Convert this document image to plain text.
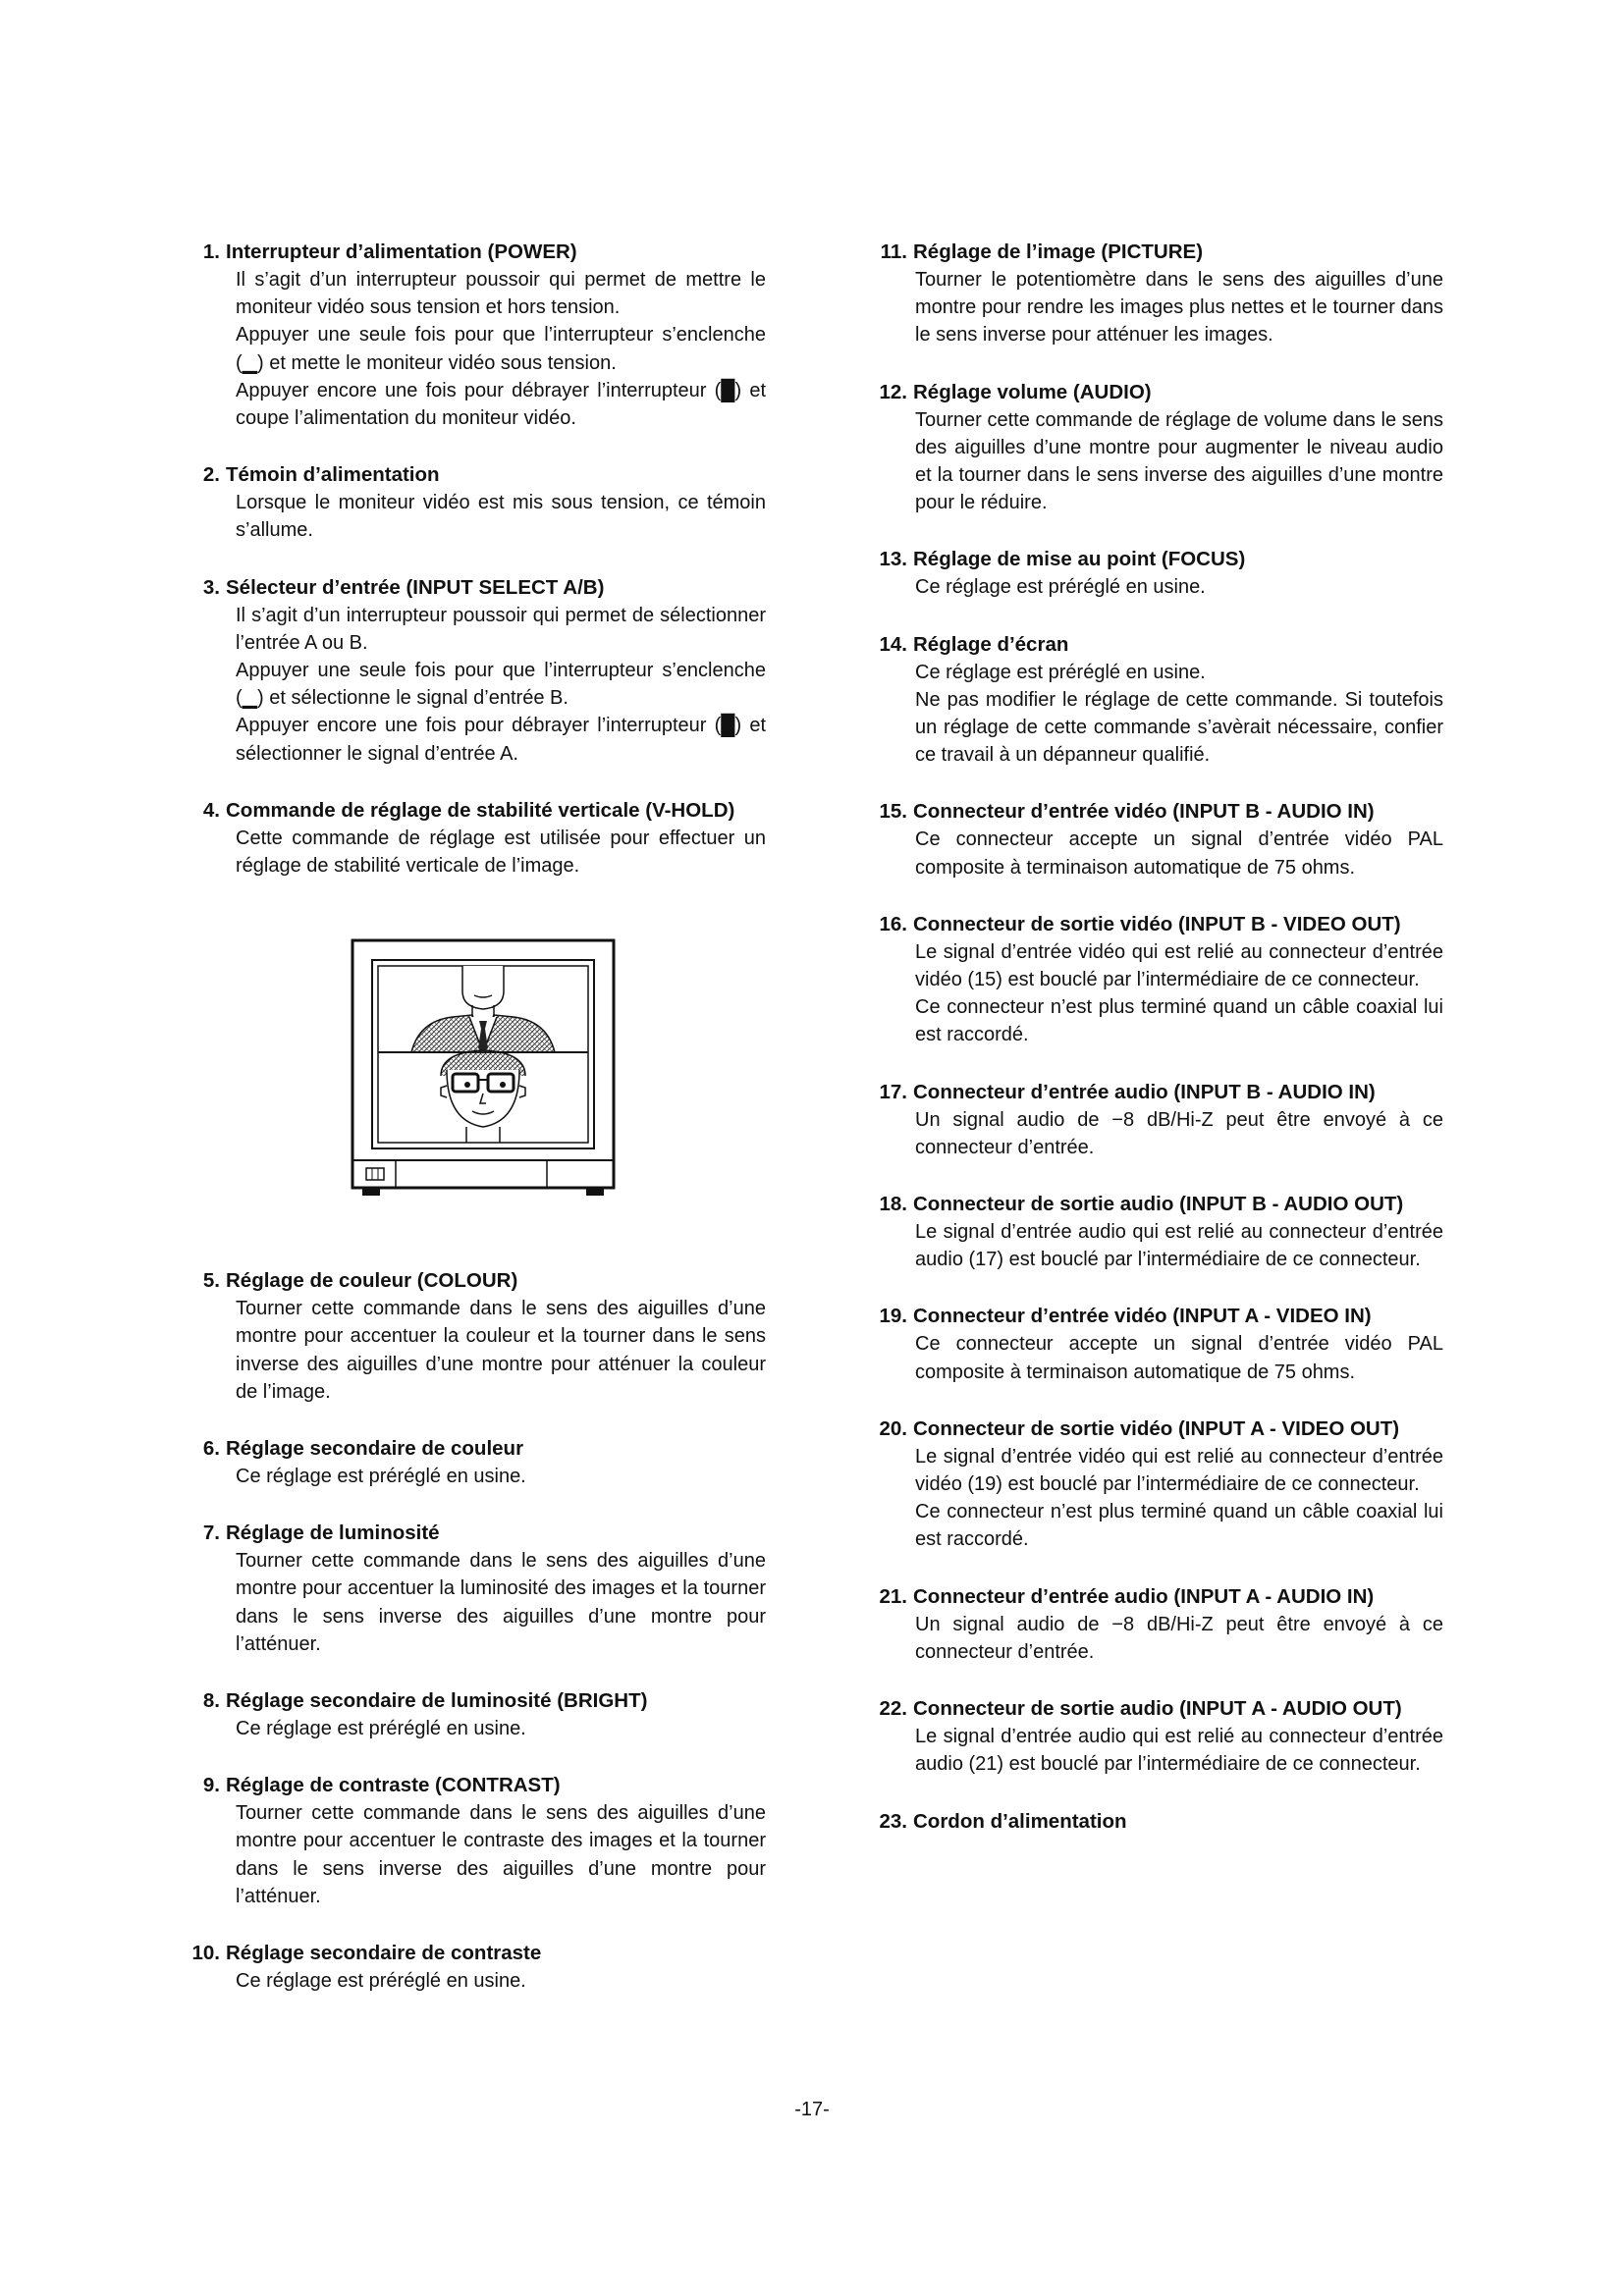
1. Interrupteur d’alimentation (POWER)
Il s’agit d’un interrupteur poussoir qui permet de mettre le moniteur vidéo sous tension et hors tension.
Appuyer une seule fois pour que l’interrupteur s’enclenche (▁) et mette le moniteur vidéo sous tension.
Appuyer encore une fois pour débrayer l’interrupteur (█) et coupe l’alimentation du moniteur vidéo.
2. Témoin d’alimentation
Lorsque le moniteur vidéo est mis sous tension, ce témoin s’allume.
3. Sélecteur d’entrée (INPUT SELECT A/B)
Il s’agit d’un interrupteur poussoir qui permet de sélectionner l’entrée A ou B.
Appuyer une seule fois pour que l’interrupteur s’enclenche (▁) et sélectionne le signal d’entrée B.
Appuyer encore une fois pour débrayer l’interrupteur (█) et sélectionner le signal d’entrée A.
4. Commande de réglage de stabilité verticale (V-HOLD)
Cette commande de réglage est utilisée pour effectuer un réglage de stabilité verticale de l’image.
5. Réglage de couleur (COLOUR)
Tourner cette commande dans le sens des aiguilles d’une montre pour accentuer la couleur et la tourner dans le sens inverse des aiguilles d’une montre pour atténuer la couleur de l’image.
6. Réglage secondaire de couleur
Ce réglage est préréglé en usine.
7. Réglage de luminosité
Tourner cette commande dans le sens des aiguilles d’une montre pour accentuer la luminosité des images et la tourner dans le sens inverse des aiguilles d’une montre pour l’atténuer.
8. Réglage secondaire de luminosité (BRIGHT)
Ce réglage est préréglé en usine.
9. Réglage de contraste (CONTRAST)
Tourner cette commande dans le sens des aiguilles d’une montre pour accentuer le contraste des images et la tourner dans le sens inverse des aiguilles d’une montre pour l’atténuer.
10. Réglage secondaire de contraste
Ce réglage est préréglé en usine.
11. Réglage de l’image (PICTURE)
Tourner le potentiomètre dans le sens des aiguilles d’une montre pour rendre les images plus nettes et le tourner dans le sens inverse pour atténuer les images.
12. Réglage volume (AUDIO)
Tourner cette commande de réglage de volume dans le sens des aiguilles d’une montre pour augmenter le niveau audio et la tourner dans le sens inverse des aiguilles d’une montre pour le réduire.
13. Réglage de mise au point (FOCUS)
Ce réglage est préréglé en usine.
14. Réglage d’écran
Ce réglage est préréglé en usine.
Ne pas modifier le réglage de cette commande. Si toutefois un réglage de cette commande s’avèrait nécessaire, confier ce travail à un dépanneur qualifié.
15. Connecteur d’entrée vidéo (INPUT B - AUDIO IN)
Ce connecteur accepte un signal d’entrée vidéo PAL composite à terminaison automatique de 75 ohms.
16. Connecteur de sortie vidéo (INPUT B - VIDEO OUT)
Le signal d’entrée vidéo qui est relié au connecteur d’entrée vidéo (15) est bouclé par l’intermédiaire de ce connecteur.
Ce connecteur n’est plus terminé quand un câble coaxial lui est raccordé.
17. Connecteur d’entrée audio (INPUT B - AUDIO IN)
Un signal audio de −8 dB/Hi-Z peut être envoyé à ce connecteur d’entrée.
18. Connecteur de sortie audio (INPUT B - AUDIO OUT)
Le signal d’entrée audio qui est relié au connecteur d’entrée audio (17) est bouclé par l’intermédiaire de ce connecteur.
19. Connecteur d’entrée vidéo (INPUT A - VIDEO IN)
Ce connecteur accepte un signal d’entrée vidéo PAL composite à terminaison automatique de 75 ohms.
20. Connecteur de sortie vidéo (INPUT A - VIDEO OUT)
Le signal d’entrée vidéo qui est relié au connecteur d’entrée vidéo (19) est bouclé par l’intermédiaire de ce connecteur.
Ce connecteur n’est plus terminé quand un câble coaxial lui est raccordé.
21. Connecteur d’entrée audio (INPUT A - AUDIO IN)
Un signal audio de −8 dB/Hi-Z peut être envoyé à ce connecteur d’entrée.
22. Connecteur de sortie audio (INPUT A - AUDIO OUT)
Le signal d’entrée audio qui est relié au connecteur d’entrée audio (21) est bouclé par l’intermédiaire de ce connecteur.
23. Cordon d’alimentation
-17-
